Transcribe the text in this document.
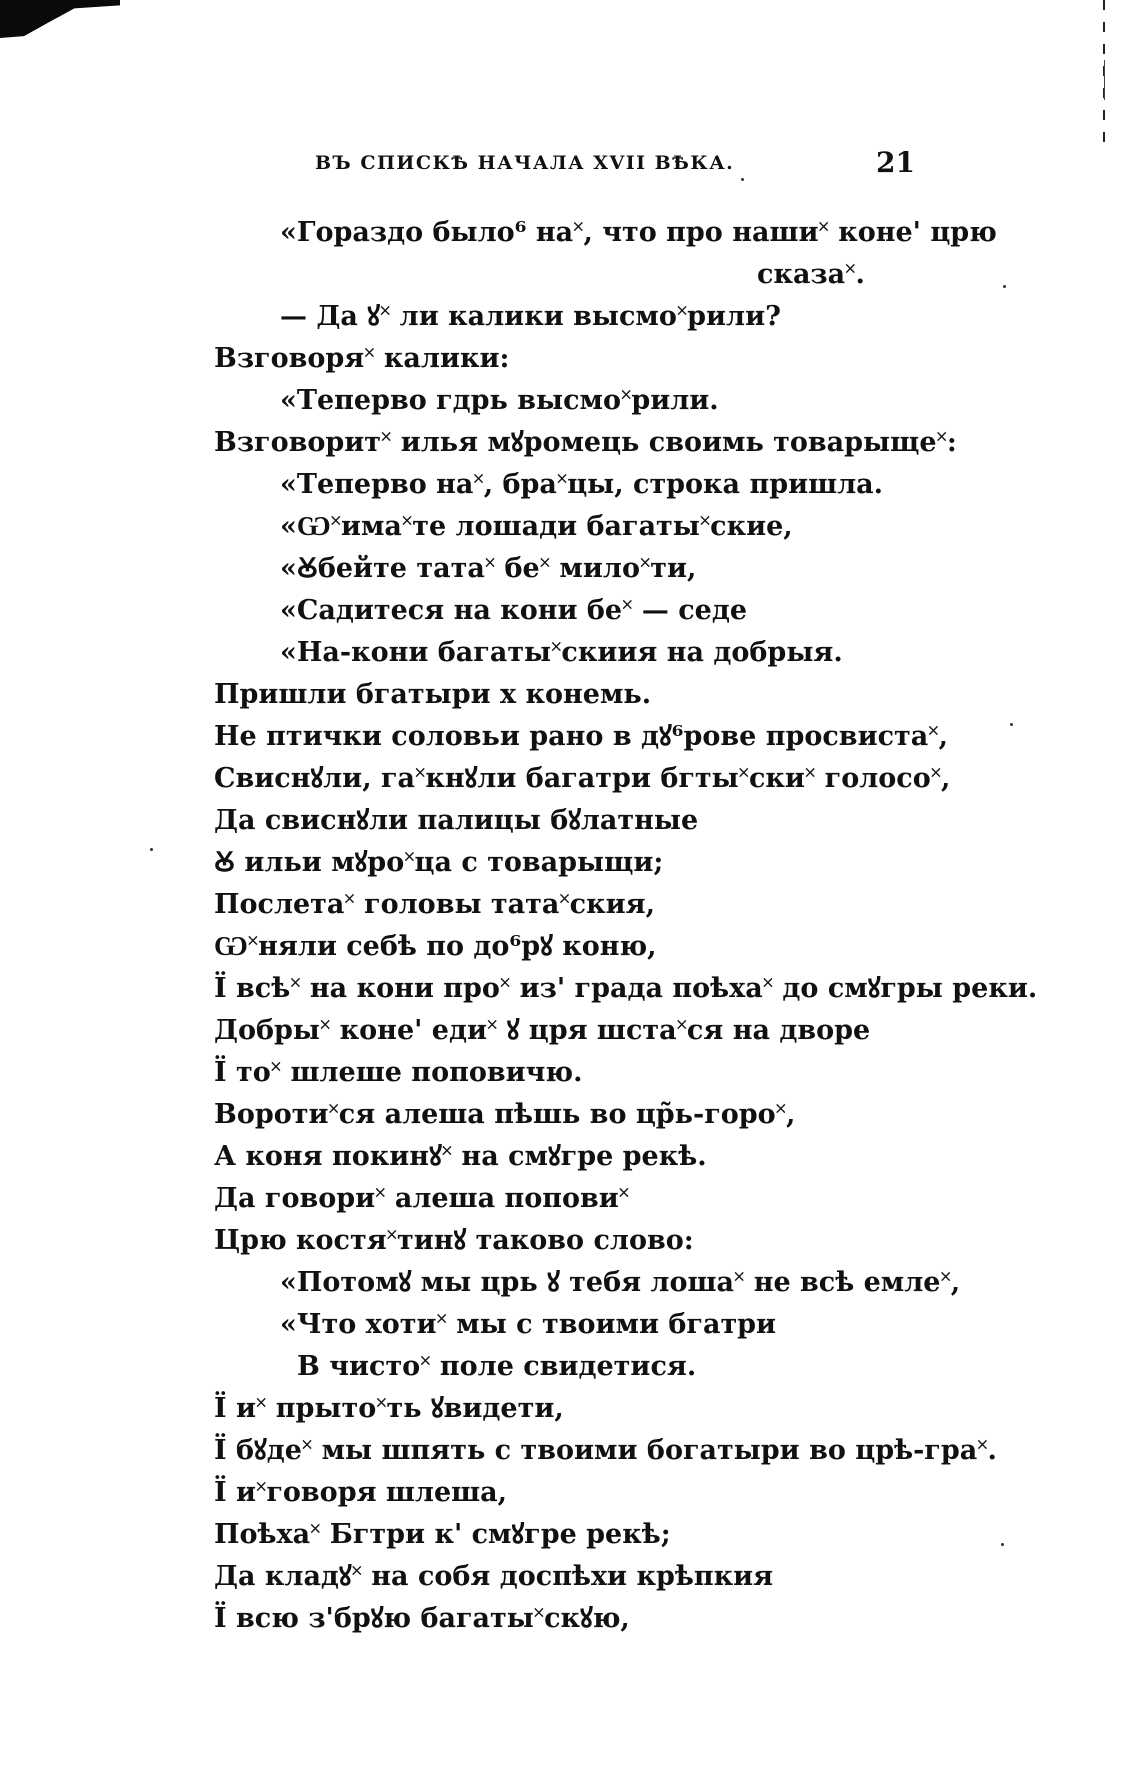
ВЪ СПИСКѢ НАЧАЛА XVII ВѢКА.	21
«Гораздо было⁶ на˟, что про наши˟ коне' црю
сказа˟.
— Да ꙋ˟ ли калики высмо˟рили?
Взговоря˟ калики:
«Теперво гдрь высмо˟рили.
Взговорит˟ илья мꙋромець своимь товарыще˟:
«Теперво на˟, бра˟цы, строка пришла.
«Ѡ˟имa˟те лошади багаты˟скиe,
«Ꙋбейте тата˟ бе˟ милo˟ти,
«Садитеся на кони бе˟ — седе
«На-кони багаты˟скиия на добрыя.
Пришли бгатыри х конемь.
Не птички соловьи рано в дꙋ⁶рове просвиста˟,
Свиснꙋли, га˟кнꙋли багатри бгты˟ски˟ голосо˟,
Да свиснꙋли палицы бꙋлатные
Ꙋ ильи мꙋро˟ца с товарыщи;
Послета˟ головы тата˟ския,
Ѡ˟няли себѣ по до⁶рꙋ коню,
Ї всѣ˟ на кони про˟ из' града поѣха˟ до смꙋгры реки.
Добры˟ коне' еди˟ ꙋ цря шста˟ся на дворе
Ї то˟ шлеше поповичю.
Вороти˟ся алеша пѣшь во цр̃ь-горо˟,
А коня покинꙋ˟ на смꙋгре рекѣ.
Да говори˟ алеша попови˟
Црю костя˟тинꙋ таково слово:
«Потомꙋ мы црь ꙋ тебя лоша˟ не всѣ емле˟,
«Что хоти˟ мы с твоими бгатри
В чисто˟ поле свидетися.
Ї и˟ прытo˟ть ꙋвидети,
Ї бꙋде˟ мы шпять с твоими богатыри во црѣ-гра˟.
Ї и˟говоря шлеша,
Поѣха˟ Бгтри к' смꙋгре рекѣ;
Да кладꙋ˟ на собя доспѣхи крѣпкия
Ї всю з'брꙋю багаты˟скꙋю,
